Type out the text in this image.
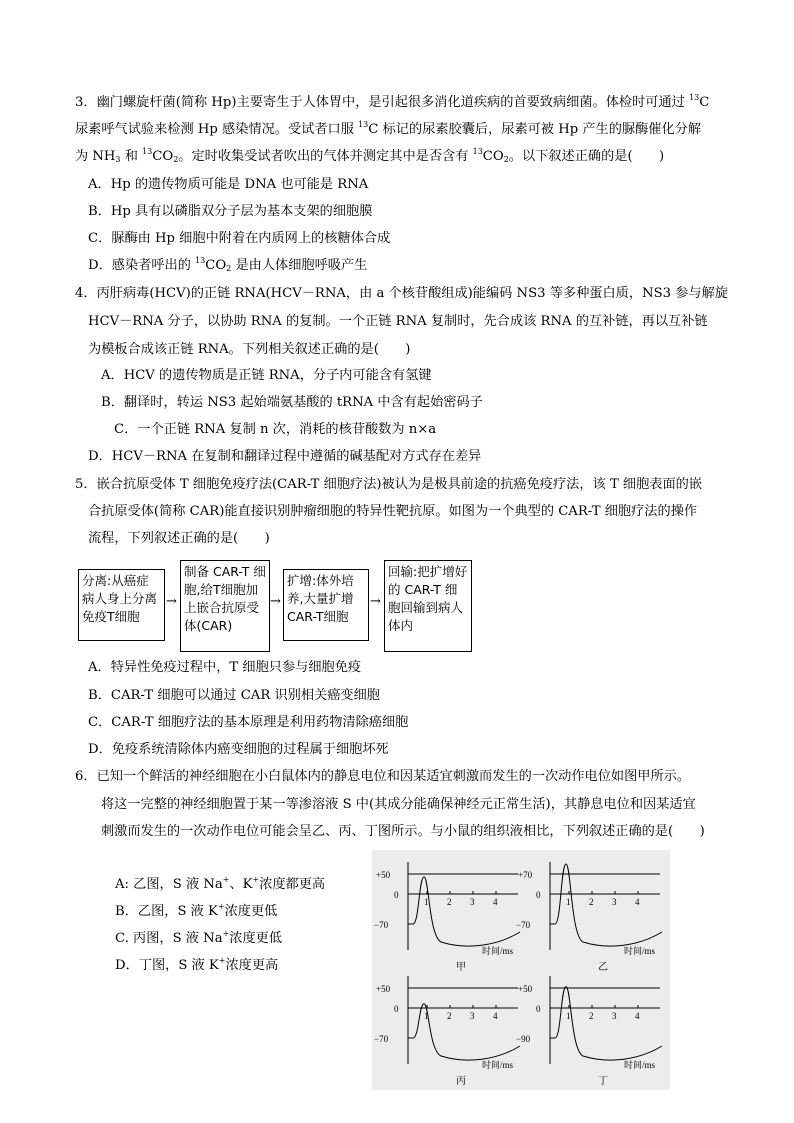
3．幽门螺旋杆菌(简称 Hp)主要寄生于人体胃中，是引起很多消化道疾病的首要致病细菌。体检时可通过 $^{13}$C
尿素呼气试验来检测 Hp 感染情况。受试者口服 $^{13}$C 标记的尿素胶囊后，尿素可被 Hp 产生的脲酶催化分解
为 $NH_3$ 和 $^{13}CO_2$。定时收集受试者吹出的气体并测定其中是否含有 $^{13}CO_2$。以下叙述正确的是(　　)
A．Hp 的遗传物质可能是 DNA 也可能是 RNA
B．Hp 具有以磷脂双分子层为基本支架的细胞膜
C．脲酶由 Hp 细胞中附着在内质网上的核糖体合成
D．感染者呼出的 $^{13}CO_2$ 是由人体细胞呼吸产生
4．丙肝病毒(HCV)的正链 RNA(HCV－RNA，由 a 个核苷酸组成)能编码 NS3 等多种蛋白质，NS3 参与解旋
HCV－RNA 分子，以协助 RNA 的复制。一个正链 RNA 复制时，先合成该 RNA 的互补链，再以互补链
为模板合成该正链 RNA。下列相关叙述正确的是(　　)
A．HCV 的遗传物质是正链 RNA，分子内可能含有氢键
B．翻译时，转运 NS3 起始端氨基酸的 tRNA 中含有起始密码子
C．一个正链 RNA 复制 n 次，消耗的核苷酸数为 n×a
D．HCV－RNA 在复制和翻译过程中遵循的碱基配对方式存在差异
5．嵌合抗原受体 T 细胞免疫疗法(CAR-T 细胞疗法)被认为是极具前途的抗癌免疫疗法，该 T 细胞表面的嵌
合抗原受体(简称 CAR)能直接识别肿瘤细胞的特异性靶抗原。如图为一个典型的 CAR-T 细胞疗法的操作
流程，下列叙述正确的是(　　)
分离:从癌症病人身上分离免疫T细胞
→
制备 CAR-T 细胞,给T细胞加上嵌合抗原受体(CAR)
→
扩增:体外培养,大量扩增CAR-T细胞
→
回输:把扩增好的 CAR-T 细胞回输到病人体内
A．特异性免疫过程中，T 细胞只参与细胞免疫
B．CAR-T 细胞可以通过 CAR 识别相关癌变细胞
C．CAR-T 细胞疗法的基本原理是利用药物清除癌细胞
D．免疫系统清除体内癌变细胞的过程属于细胞坏死
6．已知一个鲜活的神经细胞在小白鼠体内的静息电位和因某适宜刺激而发生的一次动作电位如图甲所示。
将这一完整的神经细胞置于某一等渗溶液 S 中(其成分能确保神经元正常生活)，其静息电位和因某适宜
刺激而发生的一次动作电位可能会呈乙、丙、丁图所示。与小鼠的组织液相比，下列叙述正确的是(　　)
A: 乙图，S 液 Na+、K+浓度都更高
B．乙图，S 液 K+浓度更低
C. 丙图，S 液 Na+浓度更低
D．丁图，S 液 K+浓度更高
+50
0
−70
1 2 3 4
时间/ms
甲
+70
0
−70
1 2 3 4
时间/ms
乙
+50
0
−70
1 2 3 4
时间/ms
丙
+50
0
−90
1 2 3 4
时间/ms
丁
